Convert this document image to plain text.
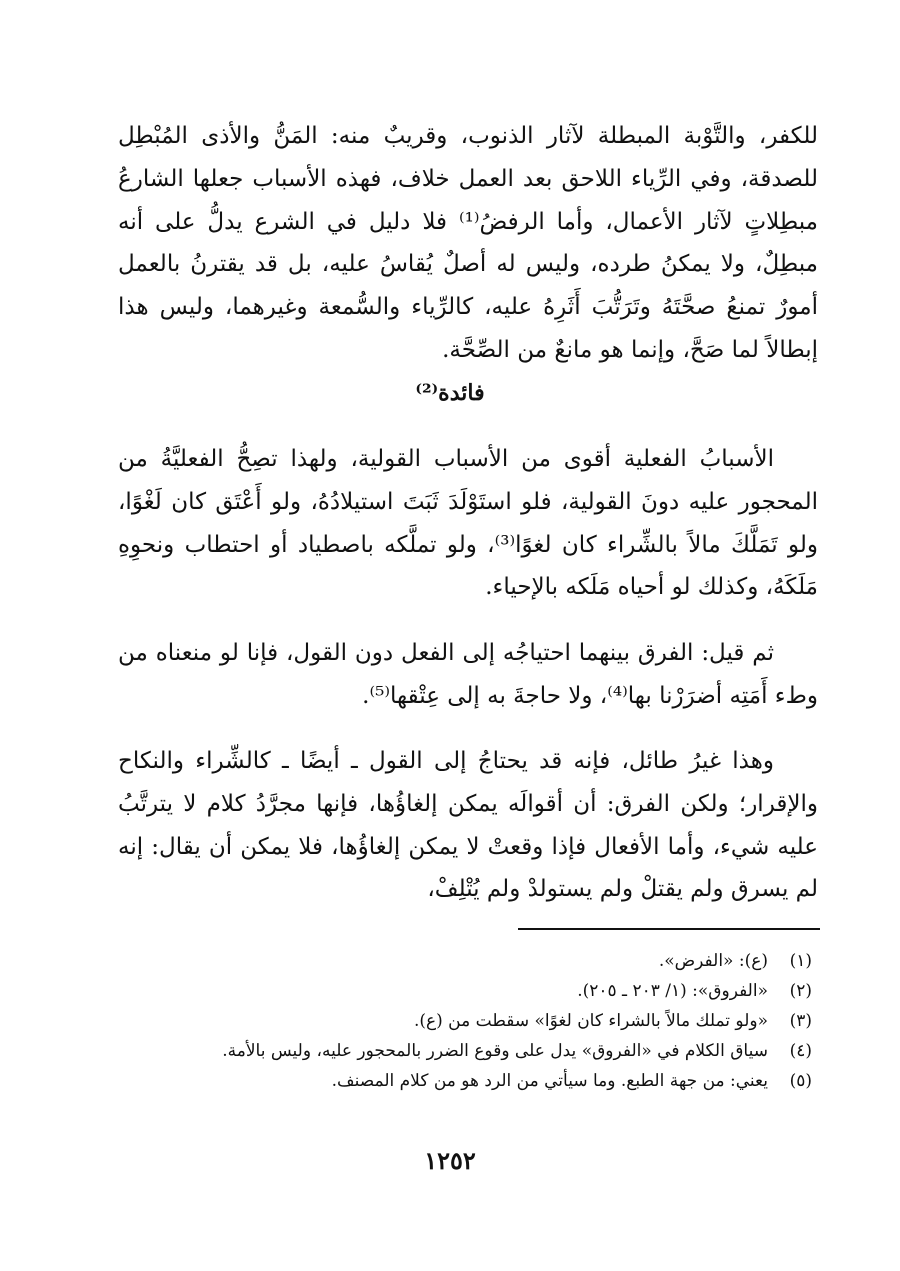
للكفر، والتَّوْبة المبطلة لآثار الذنوب، وقريبٌ منه: المَنُّ والأذى المُبْطِل للصدقة، وفي الرِّياء اللاحق بعد العمل خلاف، فهذه الأسباب جعلها الشارعُ مبطِلاتٍ لآثار الأعمال، وأما الرفضُ⁽¹⁾ فلا دليل في الشرع يدلُّ على أنه مبطِلٌ، ولا يمكنُ طرده، وليس له أصلٌ يُقاسُ عليه، بل قد يقترنُ بالعمل أمورٌ تمنعُ صحَّتَهُ وتَرَتُّبَ أَثَرِهُ عليه، كالرِّياء والسُّمعة وغيرهما، وليس هذا إبطالاً لما صَحَّ، وإنما هو مانعٌ من الصِّحَّة.

فائدة⁽²⁾

الأسبابُ الفعلية أقوى من الأسباب القولية، ولهذا تصِحُّ الفعليَّةُ من المحجور عليه دونَ القولية، فلو استَوْلَدَ ثَبَتَ استيلادُهُ، ولو أَعْتَق كان لَغْوًا، ولو تَمَلَّكَ مالاً بالشِّراء كان لغوًا⁽³⁾، ولو تملَّكه باصطياد أو احتطاب ونحوِهِ مَلَكَهُ، وكذلك لو أحياه مَلَكه بالإحياء.

ثم قيل: الفرق بينهما احتياجُه إلى الفعل دون القول، فإنا لو منعناه من وطء أَمَتِه أضرَرْنا بها⁽⁴⁾، ولا حاجةَ به إلى عِتْقها⁽⁵⁾.

وهذا غيرُ طائل، فإنه قد يحتاجُ إلى القول ـ أيضًا ـ كالشِّراء والنكاح والإقرار؛ ولكن الفرق: أن أقوالَه يمكن إلغاؤُها، فإنها مجرَّدُ كلام لا يترتَّبُ عليه شيء، وأما الأفعال فإذا وقعتْ لا يمكن إلغاؤُها، فلا يمكن أن يقال: إنه لم يسرق ولم يقتلْ ولم يستولدْ ولم يُتْلِفْ،

(١)(ع): «الفرض».

(٢)«الفروق»: (١/ ٢٠٣ ـ ٢٠٥).

(٣)«ولو تملك مالاً بالشراء كان لغوًا» سقطت من (ع).

(٤)سياق الكلام في «الفروق» يدل على وقوع الضرر بالمحجور عليه، وليس بالأمة.

(٥)يعني: من جهة الطبع. وما سيأتي من الرد هو من كلام المصنف.

١٢٥٢
